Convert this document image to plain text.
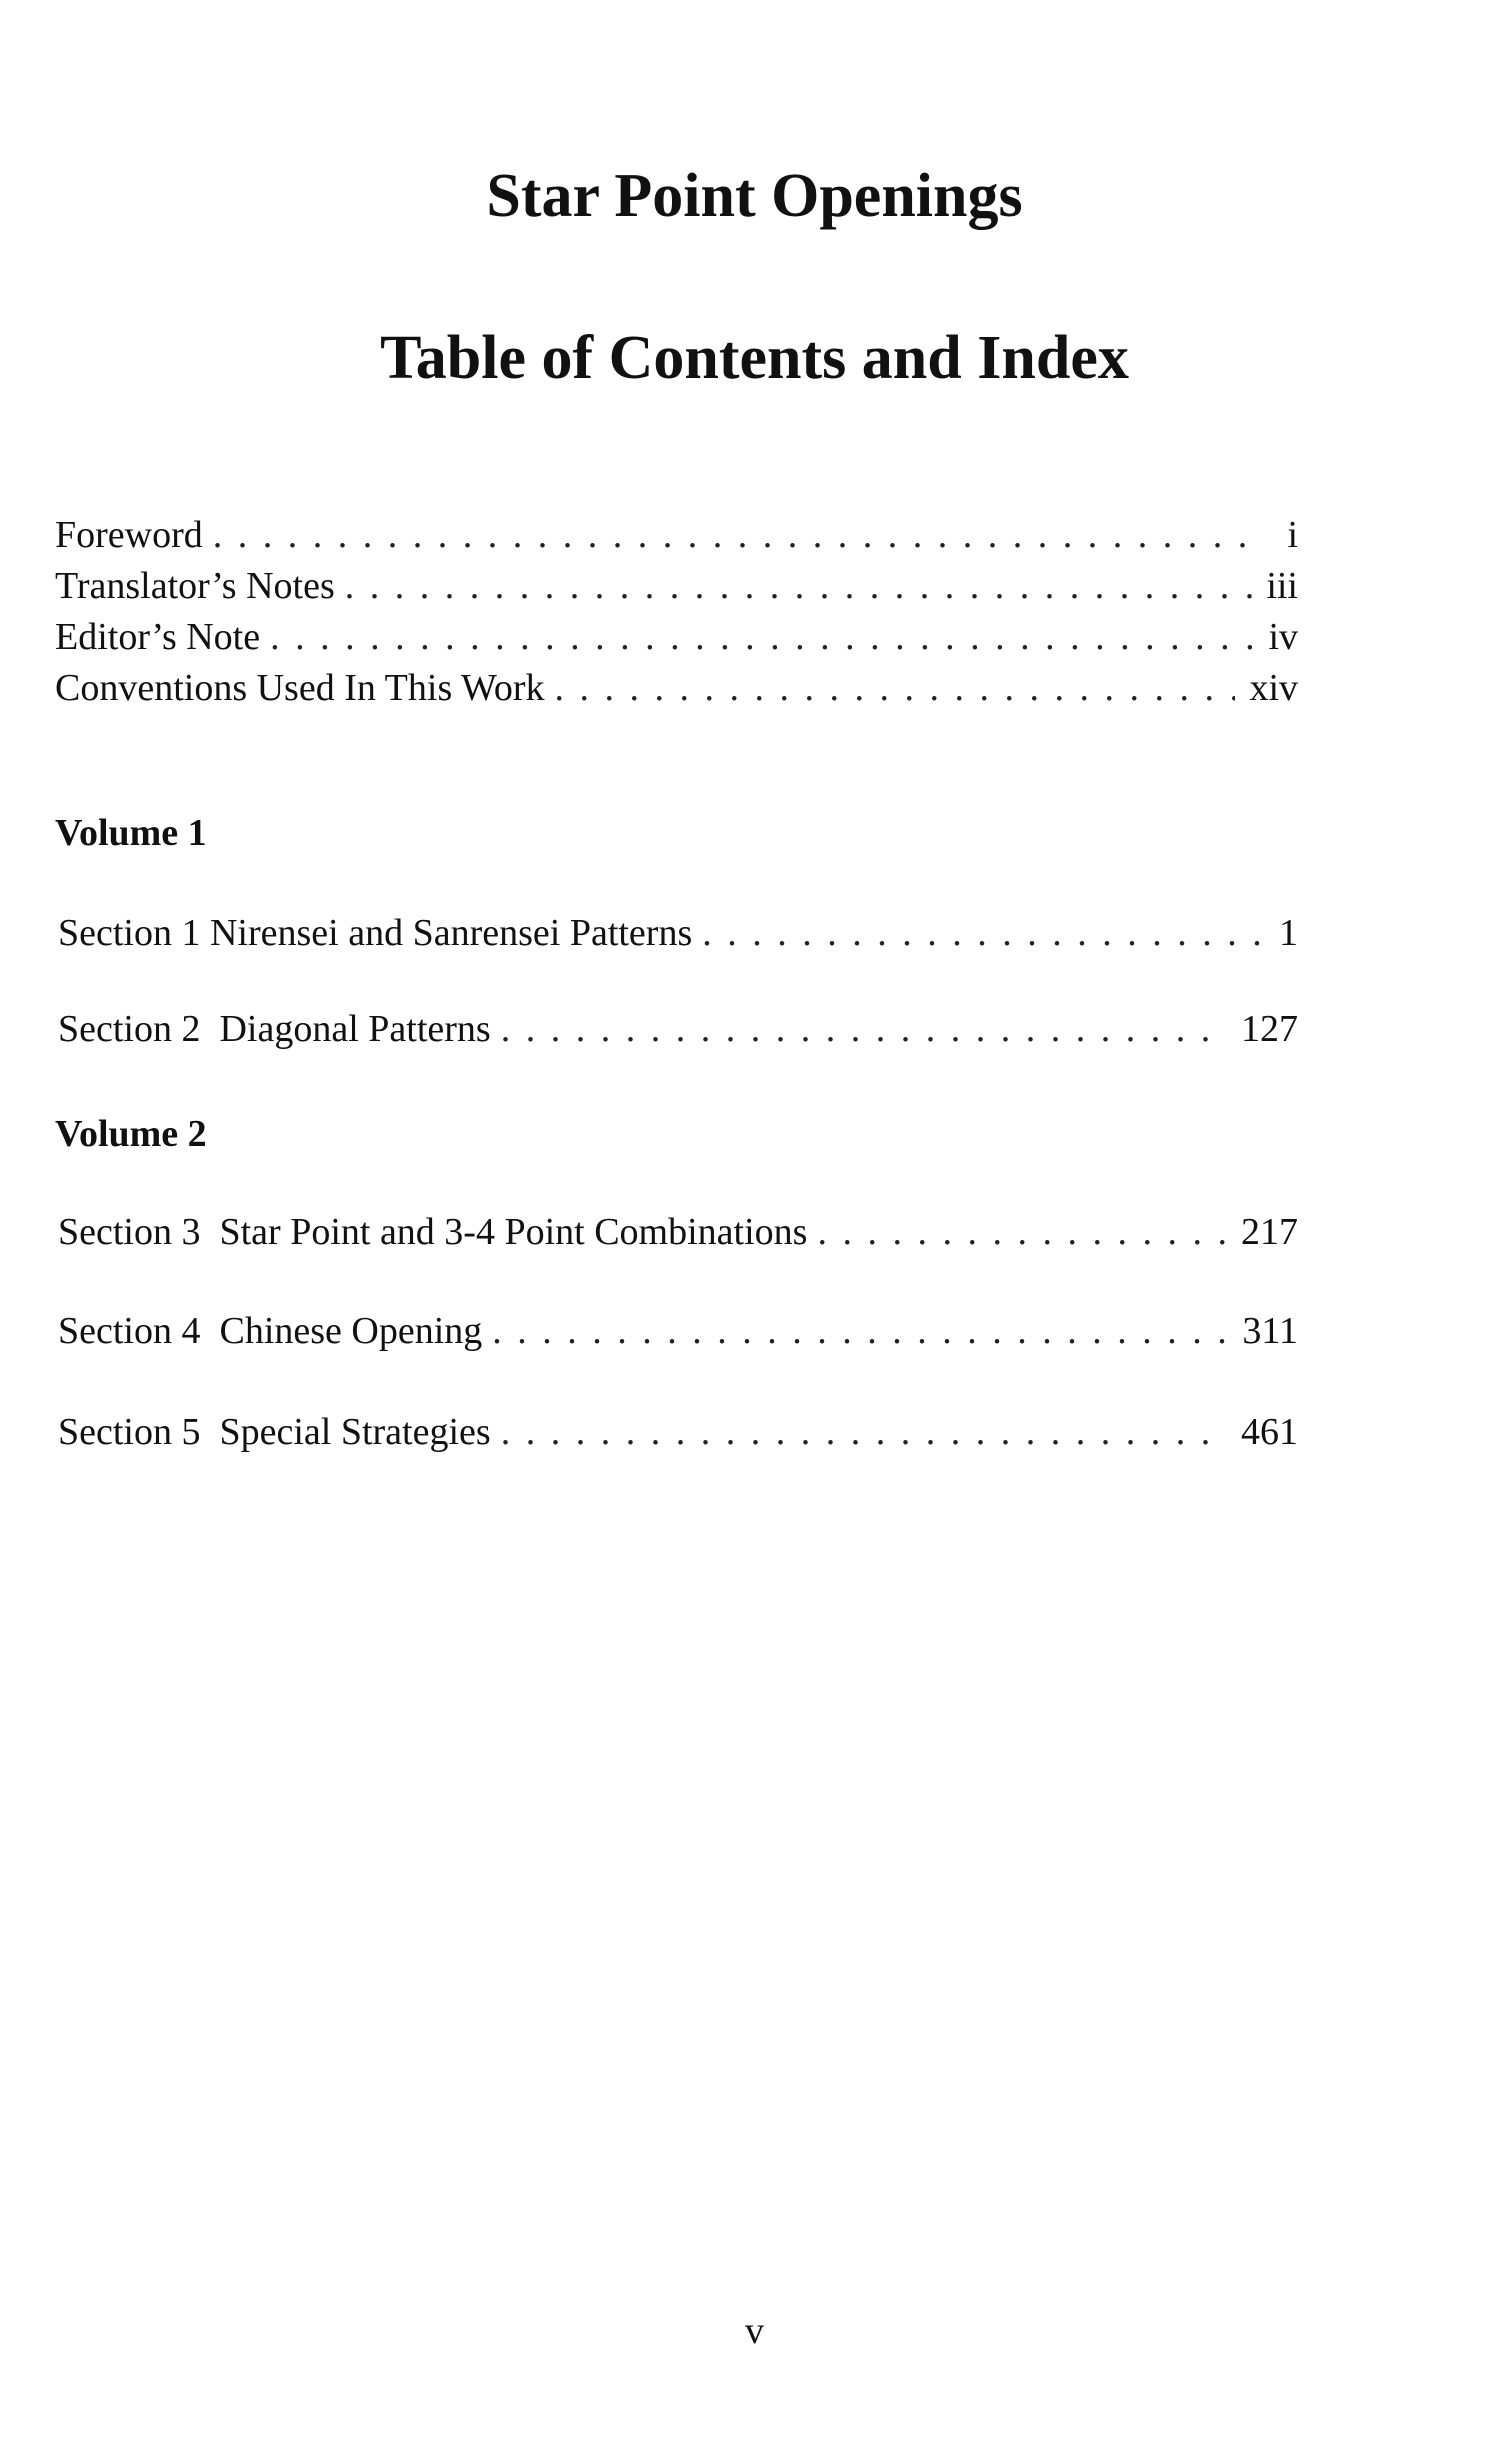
Star Point Openings
Table of Contents and Index
Foreword . . .	i
Translator’s Notes . . .	iii
Editor’s Note . . .	iv
Conventions Used In This Work . . .	xiv
Volume 1
Section 1 Nirensei and Sanrensei Patterns . . .	1
Section 2  Diagonal Patterns . . .	127
Volume 2
Section 3  Star Point and 3-4 Point Combinations . . .	217
Section 4  Chinese Opening . . .	311
Section 5  Special Strategies . . .	461
v
